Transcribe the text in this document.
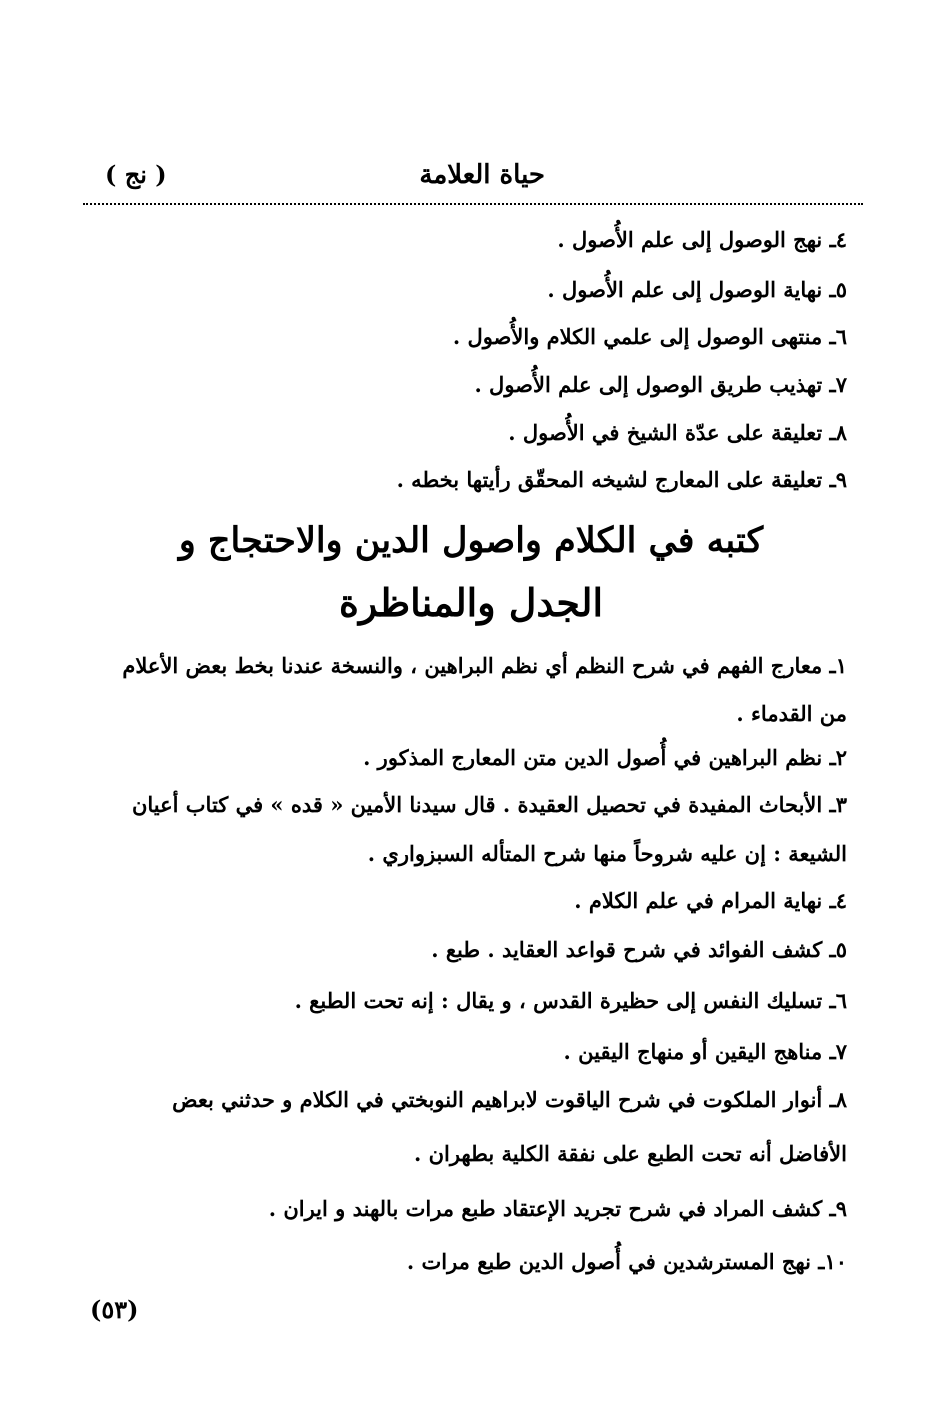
حياة العلامة
( نج )
٤ـ نهج الوصول إلى علم الأُصول .
٥ـ نهاية الوصول إلى علم الأُصول .
٦ـ منتهى الوصول إلى علمي الكلام والأُصول .
٧ـ تهذيب طريق الوصول إلى علم الأُصول .
٨ـ تعليقة على عدّة الشيخ في الأُصول .
٩ـ تعليقة على المعارج لشيخه المحقّق رأيتها بخطه .
كتبه في الكلام واصول الدين والاحتجاج و
الجدل والمناظرة
١ـ معارج الفهم في شرح النظم أي نظم البراهين ، والنسخة عندنا بخط بعض الأعلام
من القدماء .
٢ـ نظم البراهين في أُصول الدين متن المعارج المذكور .
٣ـ الأبحاث المفيدة في تحصيل العقيدة . قال سيدنا الأمين « قده » في كتاب أعيان
الشيعة : إن عليه شروحاً منها شرح المتأله السبزواري .
٤ـ نهاية المرام في علم الكلام .
٥ـ كشف الفوائد في شرح قواعد العقايد . طبع .
٦ـ تسليك النفس إلى حظيرة القدس ، و يقال : إنه تحت الطبع .
٧ـ مناهج اليقين أو منهاج اليقين .
٨ـ أنوار الملكوت في شرح الياقوت لابراهيم النوبختي في الكلام و حدثني بعض
الأفاضل أنه تحت الطبع على نفقة الكلية بطهران .
٩ـ كشف المراد في شرح تجريد الإعتقاد طبع مرات بالهند و ايران .
١٠ـ نهج المسترشدين في أُصول الدين طبع مرات .
(٥٣)
